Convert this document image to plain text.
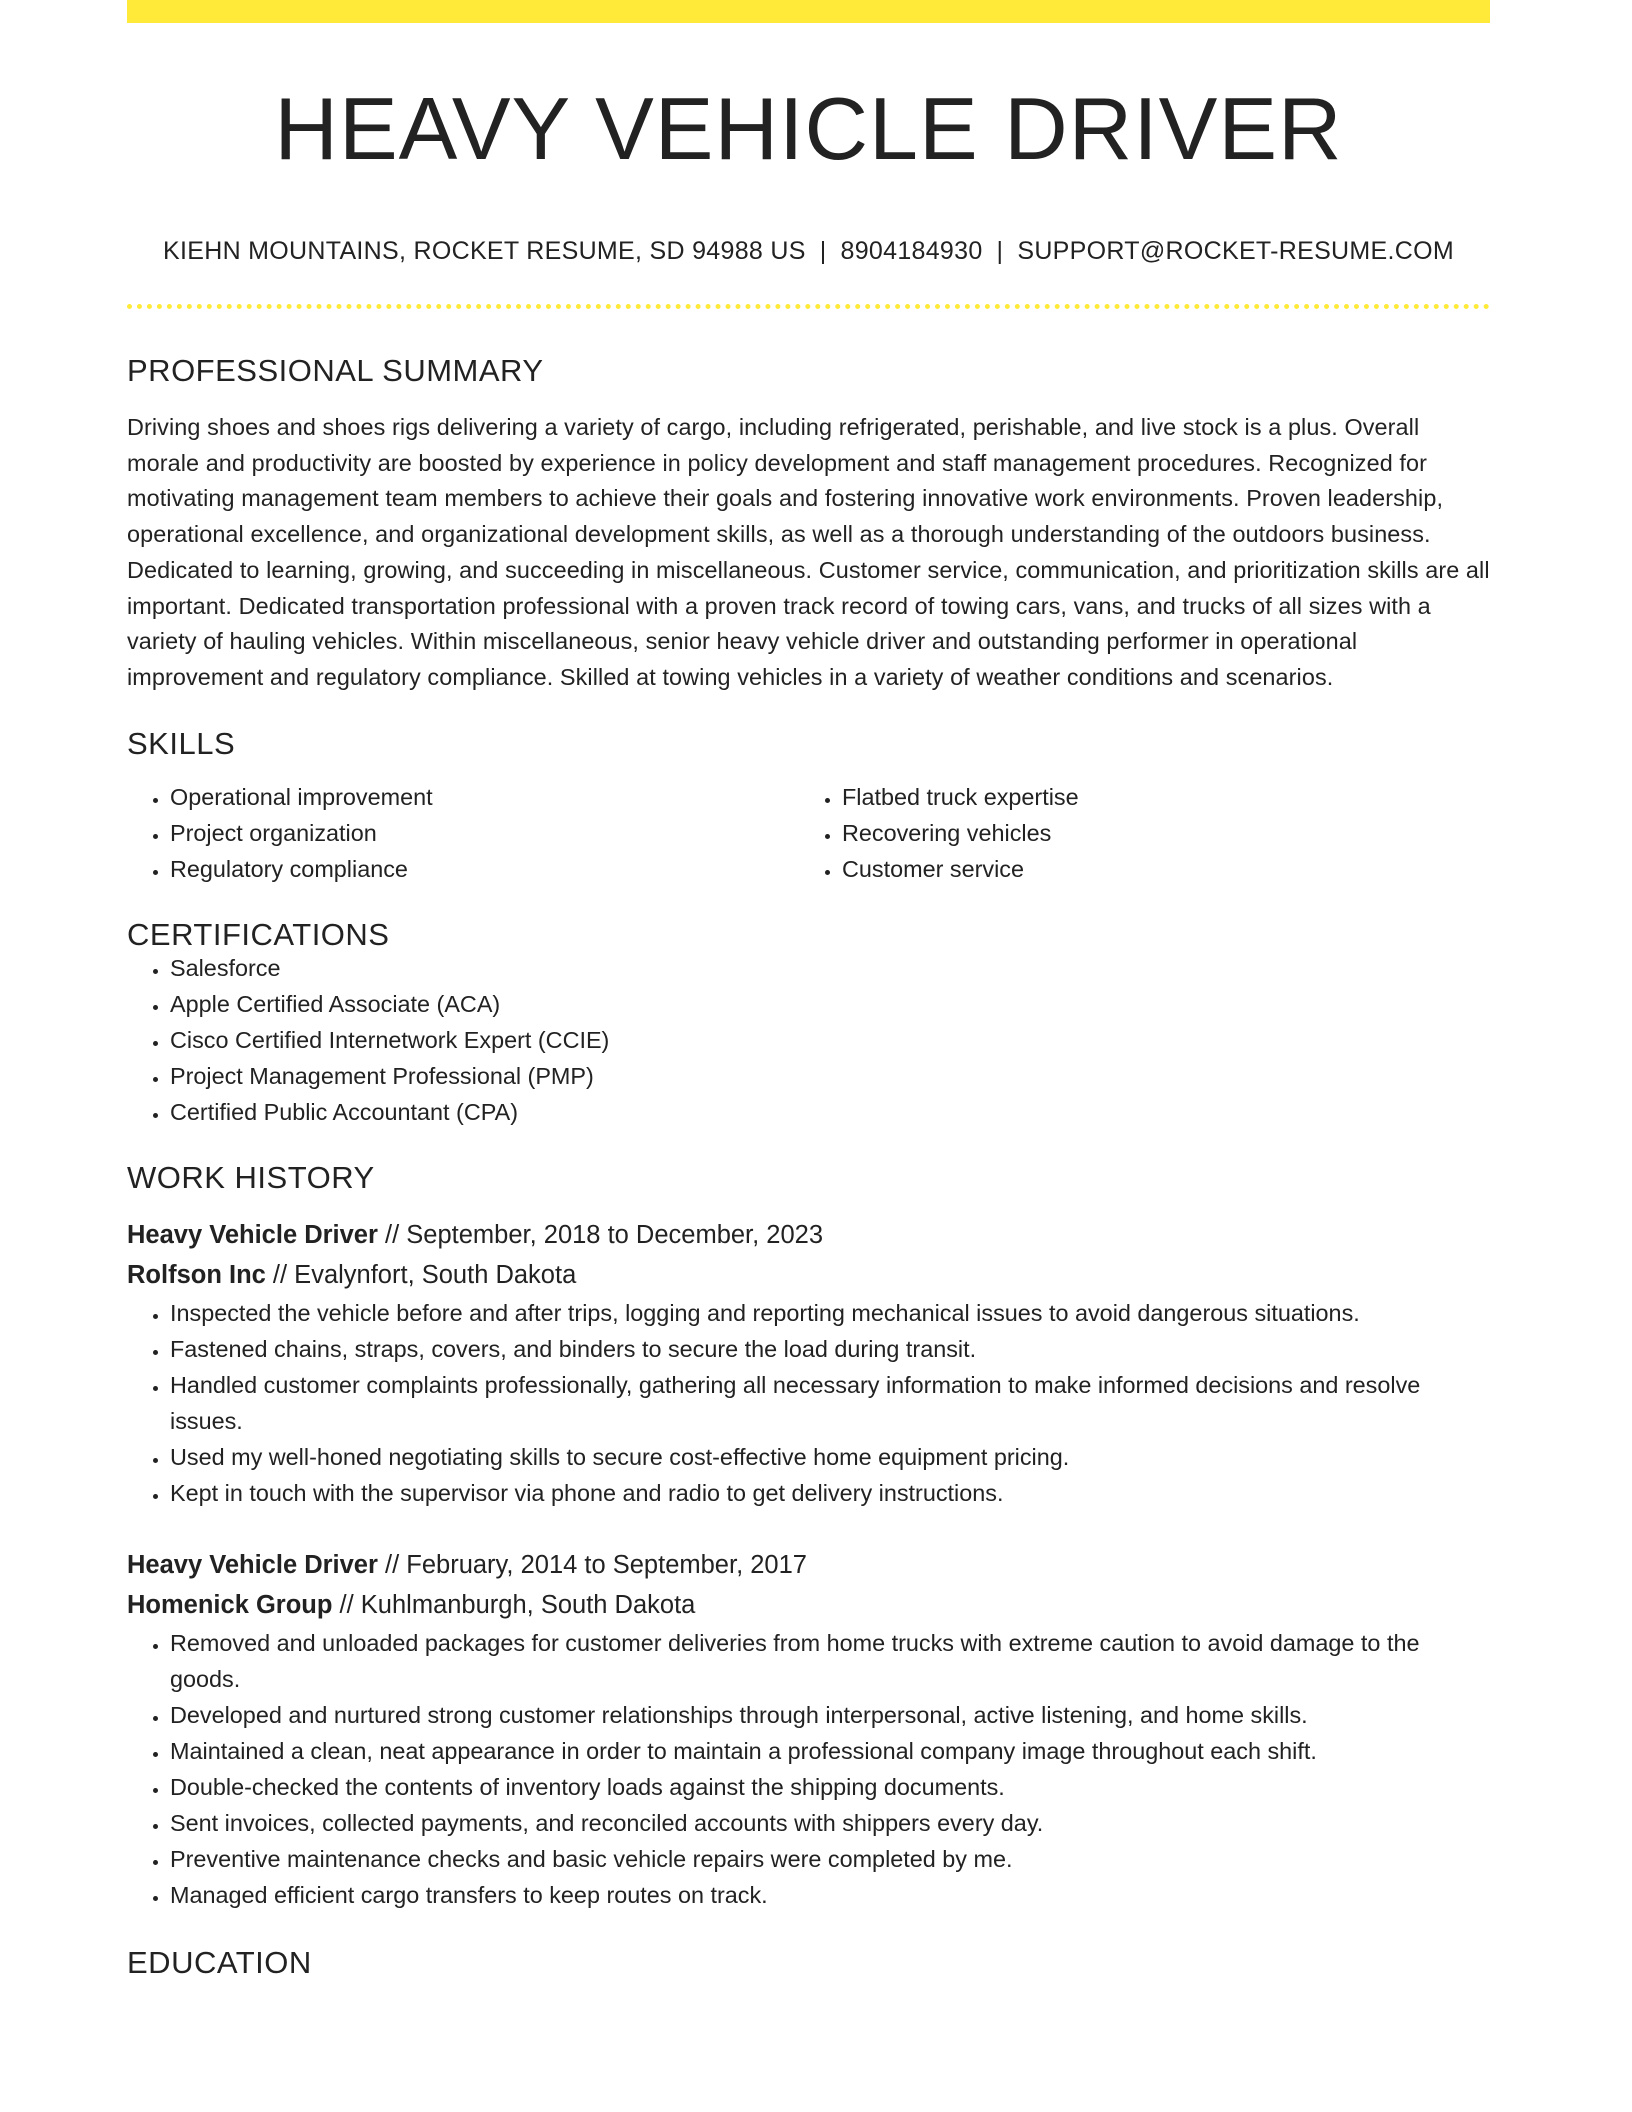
HEAVY VEHICLE DRIVER
KIEHN MOUNTAINS, ROCKET RESUME, SD 94988 US | 8904184930 | SUPPORT@ROCKET-RESUME.COM
PROFESSIONAL SUMMARY

Driving shoes and shoes rigs delivering a variety of cargo, including refrigerated, perishable, and live stock is a plus. Overall morale and productivity are boosted by experience in policy development and staff management procedures. Recognized for motivating management team members to achieve their goals and fostering innovative work environments. Proven leadership, operational excellence, and organizational development skills, as well as a thorough understanding of the outdoors business. Dedicated to learning, growing, and succeeding in miscellaneous. Customer service, communication, and prioritization skills are all important. Dedicated transportation professional with a proven track record of towing cars, vans, and trucks of all sizes with a variety of hauling vehicles. Within miscellaneous, senior heavy vehicle driver and outstanding performer in operational improvement and regulatory compliance. Skilled at towing vehicles in a variety of weather conditions and scenarios.

SKILLS
• Operational improvement
• Project organization
• Regulatory compliance
• Flatbed truck expertise
• Recovering vehicles
• Customer service
CERTIFICATIONS
• Salesforce
• Apple Certified Associate (ACA)
• Cisco Certified Internetwork Expert (CCIE)
• Project Management Professional (PMP)
• Certified Public Accountant (CPA)
WORK HISTORY
Heavy Vehicle Driver // September, 2018 to December, 2023
Rolfson Inc // Evalynfort, South Dakota
• Inspected the vehicle before and after trips, logging and reporting mechanical issues to avoid dangerous situations.
• Fastened chains, straps, covers, and binders to secure the load during transit.
• Handled customer complaints professionally, gathering all necessary information to make informed decisions and resolve issues.
• Used my well-honed negotiating skills to secure cost-effective home equipment pricing.
• Kept in touch with the supervisor via phone and radio to get delivery instructions.
Heavy Vehicle Driver // February, 2014 to September, 2017
Homenick Group // Kuhlmanburgh, South Dakota
• Removed and unloaded packages for customer deliveries from home trucks with extreme caution to avoid damage to the goods.
• Developed and nurtured strong customer relationships through interpersonal, active listening, and home skills.
• Maintained a clean, neat appearance in order to maintain a professional company image throughout each shift.
• Double-checked the contents of inventory loads against the shipping documents.
• Sent invoices, collected payments, and reconciled accounts with shippers every day.
• Preventive maintenance checks and basic vehicle repairs were completed by me.
• Managed efficient cargo transfers to keep routes on track.
EDUCATION
